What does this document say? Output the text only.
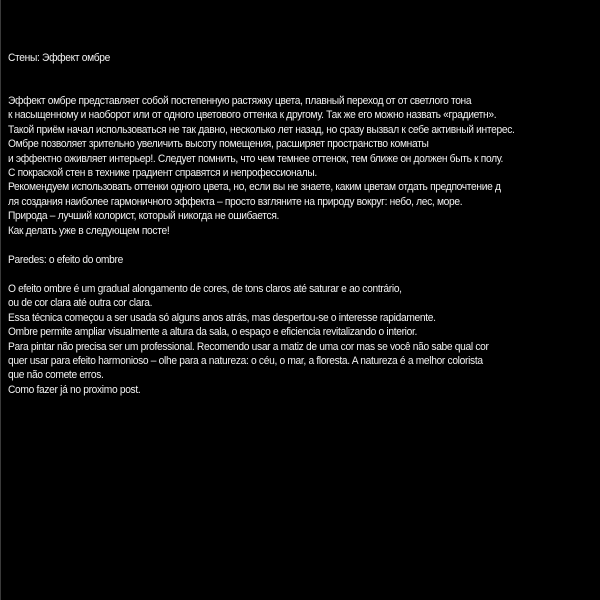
Стены: Эффект омбре
Эффект омбре представляет собой постепенную растяжку цвета, плавный переход от от светлого тона
к насыщенному и наоборот или от одного цветового оттенка к другому. Так же его можно назвать «градиетн».
Такой приём начал использоваться не так давно, несколько лет назад, но сразу вызвал к себе активный интерес.
Омбре позволяет зрительно увеличить высоту помещения, расширяет пространство комнаты
и эффектно оживляет интерьер!. Следует помнить, что чем темнее оттенок, тем ближе он должен быть к полу.
С покраской стен в технике градиент справятся и непрофессионалы.
Рекомендуем использовать оттенки одного цвета, но, если вы не знаете, каким цветам отдать предпочтение д
ля создания наиболее гармоничного эффекта – просто взгляните на природу вокруг: небо, лес, море.
Природа – лучший колорист, который никогда не ошибается.
Как делать уже в следующем посте!
Paredes: o efeito do ombre
O efeito ombre é um gradual alongamento de cores, de tons claros até saturar e ao contrário,
ou de cor clara até outra cor clara.
Essa técnica começou a ser usada só alguns anos atrás, mas despertou-se o interesse rapidamente.
Ombre permite ampliar visualmente a altura da sala, o espaço e eficiencia revitalizando o interior.
Para pintar não precisa ser um professional. Recomendo usar a matiz de uma cor mas se você não sabe qual cor
quer usar para efeito harmonioso – olhe para a natureza: o céu, o mar, a floresta. A natureza é a melhor colorista
que não comete erros.
Como fazer já no proximo post.
